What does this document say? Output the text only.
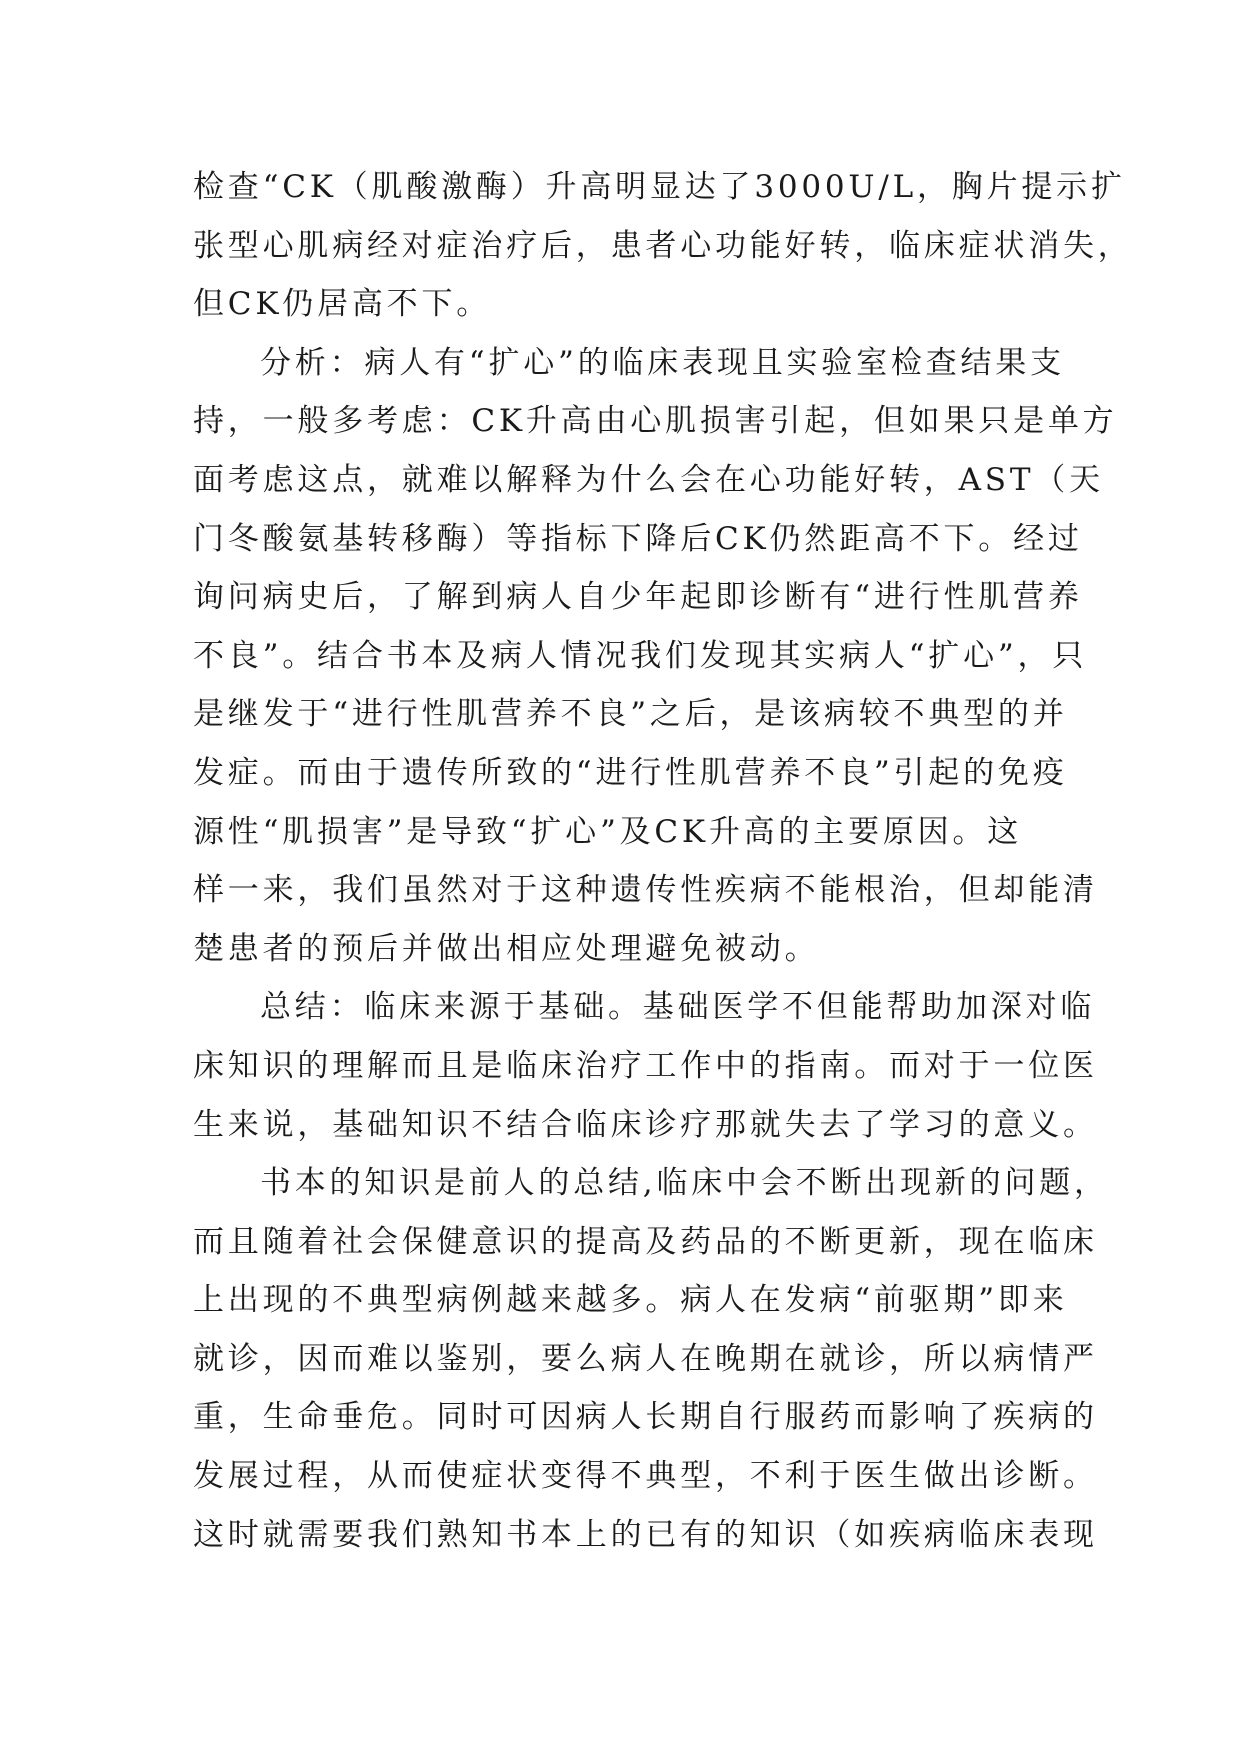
检查“CK（肌酸激酶）升高明显达了3000U/L，胸片提示扩
张型心肌病经对症治疗后，患者心功能好转，临床症状消失，
但CK仍居高不下。
分析：病人有“扩心”的临床表现且实验室检查结果支
持，一般多考虑：CK升高由心肌损害引起，但如果只是单方
面考虑这点，就难以解释为什么会在心功能好转，AST（天
门冬酸氨基转移酶）等指标下降后CK仍然距高不下。经过
询问病史后，了解到病人自少年起即诊断有“进行性肌营养
不良”。结合书本及病人情况我们发现其实病人“扩心”，只
是继发于“进行性肌营养不良”之后，是该病较不典型的并
发症。而由于遗传所致的“进行性肌营养不良”引起的免疫
源性“肌损害”是导致“扩心”及CK升高的主要原因。这
样一来，我们虽然对于这种遗传性疾病不能根治，但却能清
楚患者的预后并做出相应处理避免被动。
总结：临床来源于基础。基础医学不但能帮助加深对临
床知识的理解而且是临床治疗工作中的指南。而对于一位医
生来说，基础知识不结合临床诊疗那就失去了学习的意义。
书本的知识是前人的总结,临床中会不断出现新的问题，
而且随着社会保健意识的提高及药品的不断更新，现在临床
上出现的不典型病例越来越多。病人在发病“前驱期”即来
就诊，因而难以鉴别，要么病人在晚期在就诊，所以病情严
重，生命垂危。同时可因病人长期自行服药而影响了疾病的
发展过程，从而使症状变得不典型，不利于医生做出诊断。
这时就需要我们熟知书本上的已有的知识（如疾病临床表现
